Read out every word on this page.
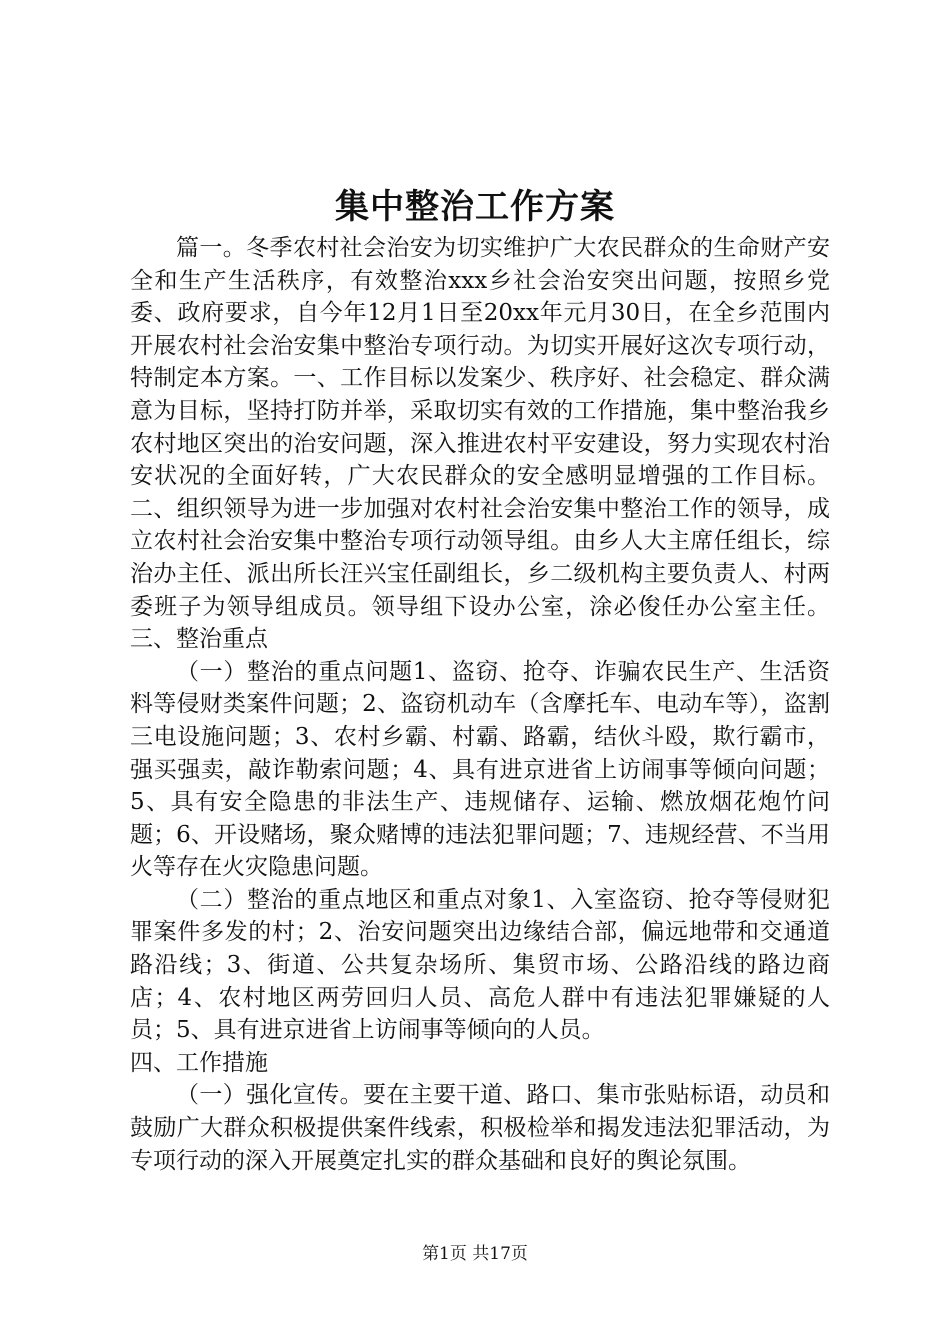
集中整治工作方案

篇一。冬季农村社会治安为切实维护广大农民群众的生命财产安全和生产生活秩序，有效整治xxx乡社会治安突出问题，按照乡党委、政府要求，自今年12月1日至20xx年元月30日，在全乡范围内开展农村社会治安集中整治专项行动。为切实开展好这次专项行动，特制定本方案。一、工作目标以发案少、秩序好、社会稳定、群众满意为目标，坚持打防并举，采取切实有效的工作措施，集中整治我乡农村地区突出的治安问题，深入推进农村平安建设，努力实现农村治安状况的全面好转，广大农民群众的安全感明显增强的工作目标。二、组织领导为进一步加强对农村社会治安集中整治工作的领导，成立农村社会治安集中整治专项行动领导组。由乡人大主席任组长，综治办主任、派出所长汪兴宝任副组长，乡二级机构主要负责人、村两委班子为领导组成员。领导组下设办公室，涂必俊任办公室主任。三、整治重点

（一）整治的重点问题1、盗窃、抢夺、诈骗农民生产、生活资料等侵财类案件问题；2、盗窃机动车（含摩托车、电动车等），盗割三电设施问题；3、农村乡霸、村霸、路霸，结伙斗殴，欺行霸市，强买强卖，敲诈勒索问题；4、具有进京进省上访闹事等倾向问题；5、具有安全隐患的非法生产、违规储存、运输、燃放烟花炮竹问题；6、开设赌场，聚众赌博的违法犯罪问题；7、违规经营、不当用火等存在火灾隐患问题。

（二）整治的重点地区和重点对象1、入室盗窃、抢夺等侵财犯罪案件多发的村；2、治安问题突出边缘结合部，偏远地带和交通道路沿线；3、街道、公共复杂场所、集贸市场、公路沿线的路边商店；4、农村地区两劳回归人员、高危人群中有违法犯罪嫌疑的人员；5、具有进京进省上访闹事等倾向的人员。

四、工作措施

（一）强化宣传。要在主要干道、路口、集市张贴标语，动员和鼓励广大群众积极提供案件线索，积极检举和揭发违法犯罪活动，为专项行动的深入开展奠定扎实的群众基础和良好的舆论氛围。

第1页 共17页
